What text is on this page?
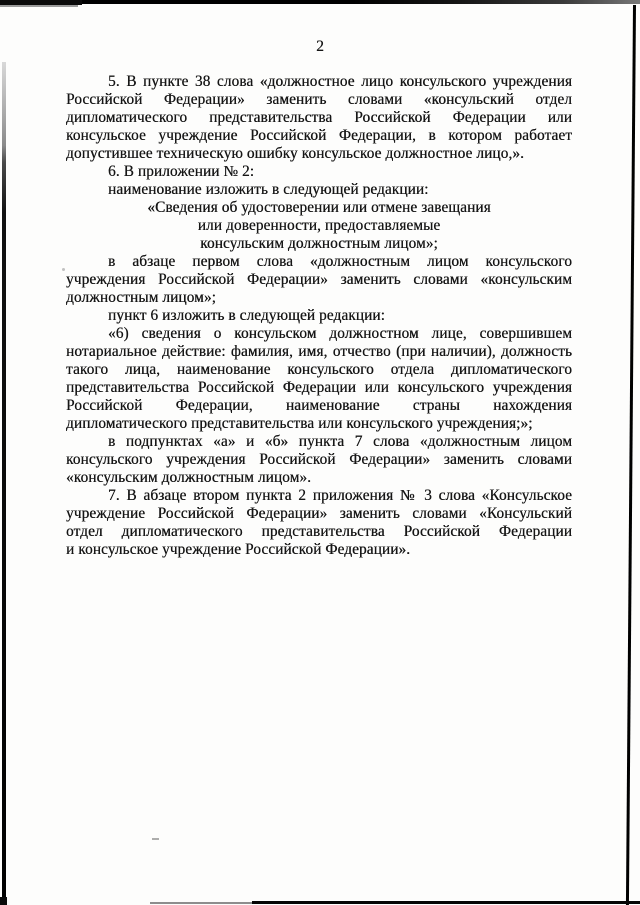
2
5. В пункте 38 слова «должностное лицо консульского учреждения
Российской Федерации» заменить словами «консульский отдел
дипломатического представительства Российской Федерации или
консульское учреждение Российской Федерации, в котором работает
допустившее техническую ошибку консульское должностное лицо,».
6. В приложении № 2:
наименование изложить в следующей редакции:
«Сведения об удостоверении или отмене завещания
или доверенности, предоставляемые
консульским должностным лицом»;
в абзаце первом слова «должностным лицом консульского
учреждения Российской Федерации» заменить словами «консульским
должностным лицом»;
пункт 6 изложить в следующей редакции:
«6) сведения о консульском должностном лице, совершившем
нотариальное действие: фамилия, имя, отчество (при наличии), должность
такого лица, наименование консульского отдела дипломатического
представительства Российской Федерации или консульского учреждения
Российской Федерации, наименование страны нахождения
дипломатического представительства или консульского учреждения;»;
в подпунктах «а» и «б» пункта 7 слова «должностным лицом
консульского учреждения Российской Федерации» заменить словами
«консульским должностным лицом».
7. В абзаце втором пункта 2 приложения № 3 слова «Консульское
учреждение Российской Федерации» заменить словами «Консульский
отдел дипломатического представительства Российской Федерации
и консульское учреждение Российской Федерации».
